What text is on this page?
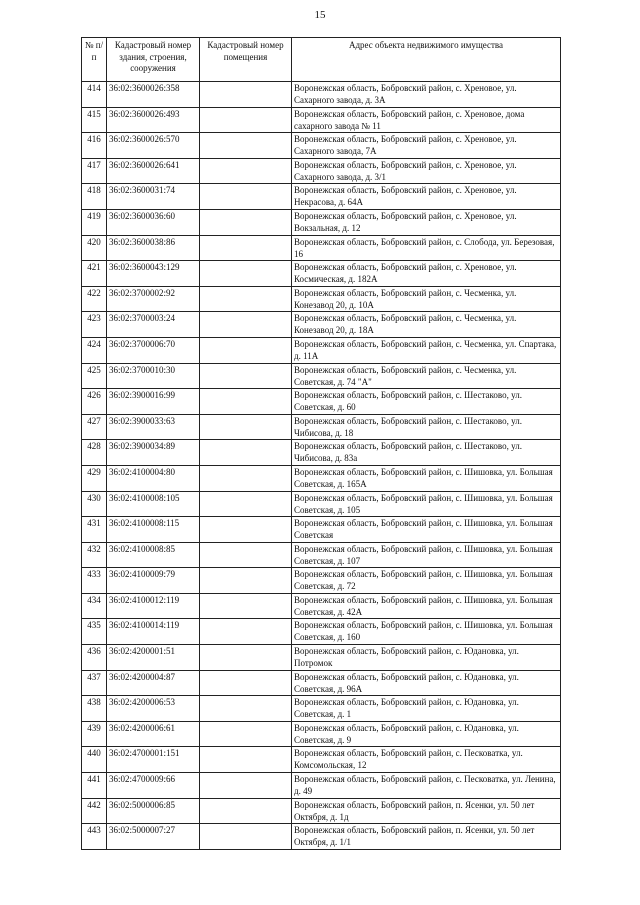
15
№ п/п	Кадастровый номер здания, строения, сооружения	Кадастровый номер помещения	Адрес объекта недвижимого имущества
414	36:02:3600026:358		Воронежская область, Бобровский район, с. Хреновое, ул. Сахарного завода, д. 3А
415	36:02:3600026:493		Воронежская область, Бобровский район, с. Хреновое, дома сахарного завода № 11
416	36:02:3600026:570		Воронежская область, Бобровский район, с. Хреновое, ул. Сахарного завода, 7А
417	36:02:3600026:641		Воронежская область, Бобровский район, с. Хреновое, ул. Сахарного завода, д. 3/1
418	36:02:3600031:74		Воронежская область, Бобровский район, с. Хреновое, ул. Некрасова, д. 64А
419	36:02:3600036:60		Воронежская область, Бобровский район, с. Хреновое, ул. Вокзальная, д. 12
420	36:02:3600038:86		Воронежская область, Бобровский район, с. Слобода, ул. Березовая, 16
421	36:02:3600043:129		Воронежская область, Бобровский район, с. Хреновое, ул. Космическая, д. 182А
422	36:02:3700002:92		Воронежская область, Бобровский район, с. Чесменка, ул. Конезавод 20, д. 10А
423	36:02:3700003:24		Воронежская область, Бобровский район, с. Чесменка, ул. Конезавод 20, д. 18А
424	36:02:3700006:70		Воронежская область, Бобровский район, с. Чесменка, ул. Спартака, д. 11А
425	36:02:3700010:30		Воронежская область, Бобровский район, с. Чесменка, ул. Советская, д. 74 "А"
426	36:02:3900016:99		Воронежская область, Бобровский район, с. Шестаково, ул. Советская, д. 60
427	36:02:3900033:63		Воронежская область, Бобровский район, с. Шестаково, ул. Чибисова, д. 18
428	36:02:3900034:89		Воронежская область, Бобровский район, с. Шестаково, ул. Чибисова, д. 83а
429	36:02:4100004:80		Воронежская область, Бобровский район, с. Шишовка, ул. Большая Советская, д. 165А
430	36:02:4100008:105		Воронежская область, Бобровский район, с. Шишовка, ул. Большая Советская, д. 105
431	36:02:4100008:115		Воронежская область, Бобровский район, с. Шишовка, ул. Большая Советская
432	36:02:4100008:85		Воронежская область, Бобровский район, с. Шишовка, ул. Большая Советская, д. 107
433	36:02:4100009:79		Воронежская область, Бобровский район, с. Шишовка, ул. Большая Советская, д. 72
434	36:02:4100012:119		Воронежская область, Бобровский район, с. Шишовка, ул. Большая Советская, д. 42А
435	36:02:4100014:119		Воронежская область, Бобровский район, с. Шишовка, ул. Большая Советская, д. 160
436	36:02:4200001:51		Воронежская область, Бобровский район, с. Юдановка, ул. Потромок
437	36:02:4200004:87		Воронежская область, Бобровский район, с. Юдановка, ул. Советская, д. 96А
438	36:02:4200006:53		Воронежская область, Бобровский район, с. Юдановка, ул. Советская, д. 1
439	36:02:4200006:61		Воронежская область, Бобровский район, с. Юдановка, ул. Советская, д. 9
440	36:02:4700001:151		Воронежская область, Бобровский район, с. Песковатка, ул. Комсомольская, 12
441	36:02:4700009:66		Воронежская область, Бобровский район, с. Песковатка, ул. Ленина, д. 49
442	36:02:5000006:85		Воронежская область, Бобровский район, п. Ясенки, ул. 50 лет Октября, д. 1д
443	36:02:5000007:27		Воронежская область, Бобровский район, п. Ясенки, ул. 50 лет Октября, д. 1/1
